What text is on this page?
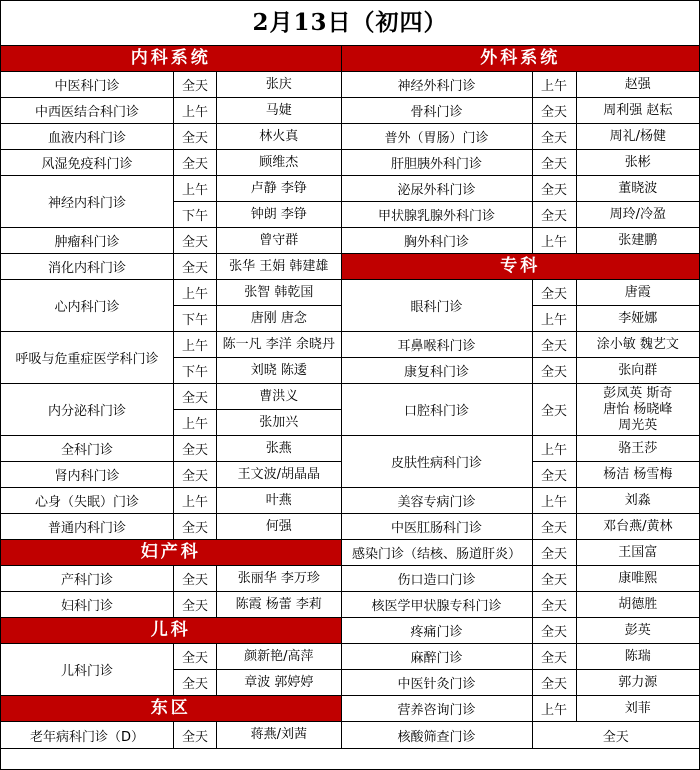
2月13日（初四）
内科系统
中医科门诊	全天	张庆
中西医结合科门诊	上午	马婕
血液内科门诊	全天	林火真
风湿免疫科门诊	全天	顾维杰
神经内科门诊
上午	卢静 李铮
下午	钟朗 李铮
肿瘤科门诊	全天	曾守群
消化内科门诊	全天	张华 王娟 韩建雄
心内科门诊
上午	张智 韩乾国
下午	唐刚 唐念
呼吸与危重症医学科门诊
上午	陈一凡 李洋 余晓丹
下午	刘晓 陈逶
内分泌科门诊
全天	曹洪义
上午	张加兴
全科门诊	全天	张燕
肾内科门诊	全天	王文波/胡晶晶
心身（失眠）门诊	上午	叶燕
普通内科门诊	全天	何强
妇产科
产科门诊	全天	张丽华 李万珍
妇科门诊	全天	陈霞 杨蕾 李莉
儿科
儿科门诊
全天	颜新艳/高萍
全天	章波 郭婷婷
东区
老年病科门诊（D）	全天	蒋燕/刘茜
外科系统
神经外科门诊	上午	赵强
骨科门诊	全天	周利强 赵耘
普外（胃肠）门诊	全天	周礼/杨健
肝胆胰外科门诊	全天	张彬
泌尿外科门诊	全天	董晓波
甲状腺乳腺外科门诊	全天	周玲/冷盈
胸外科门诊	上午	张建鹏
专科
眼科门诊
全天	唐霞
上午	李娅娜
耳鼻喉科门诊	全天	涂小敏 魏艺文
康复科门诊	全天	张向群
口腔科门诊	全天
彭凤英 斯奇
唐怡 杨晓峰
周光英
皮肤性病科门诊
上午	骆王莎
全天	杨洁 杨雪梅
美容专病门诊	上午	刘淼
中医肛肠科门诊	全天	邓台燕/黄林
感染门诊（结核、肠道肝炎）	全天	王国富
伤口造口门诊	全天	康唯熙
核医学甲状腺专科门诊	全天	胡德胜
疼痛门诊	全天	彭英
麻醉门诊	全天	陈瑞
中医针灸门诊	全天	郭力源
营养咨询门诊	上午	刘菲
核酸筛查门诊	全天
